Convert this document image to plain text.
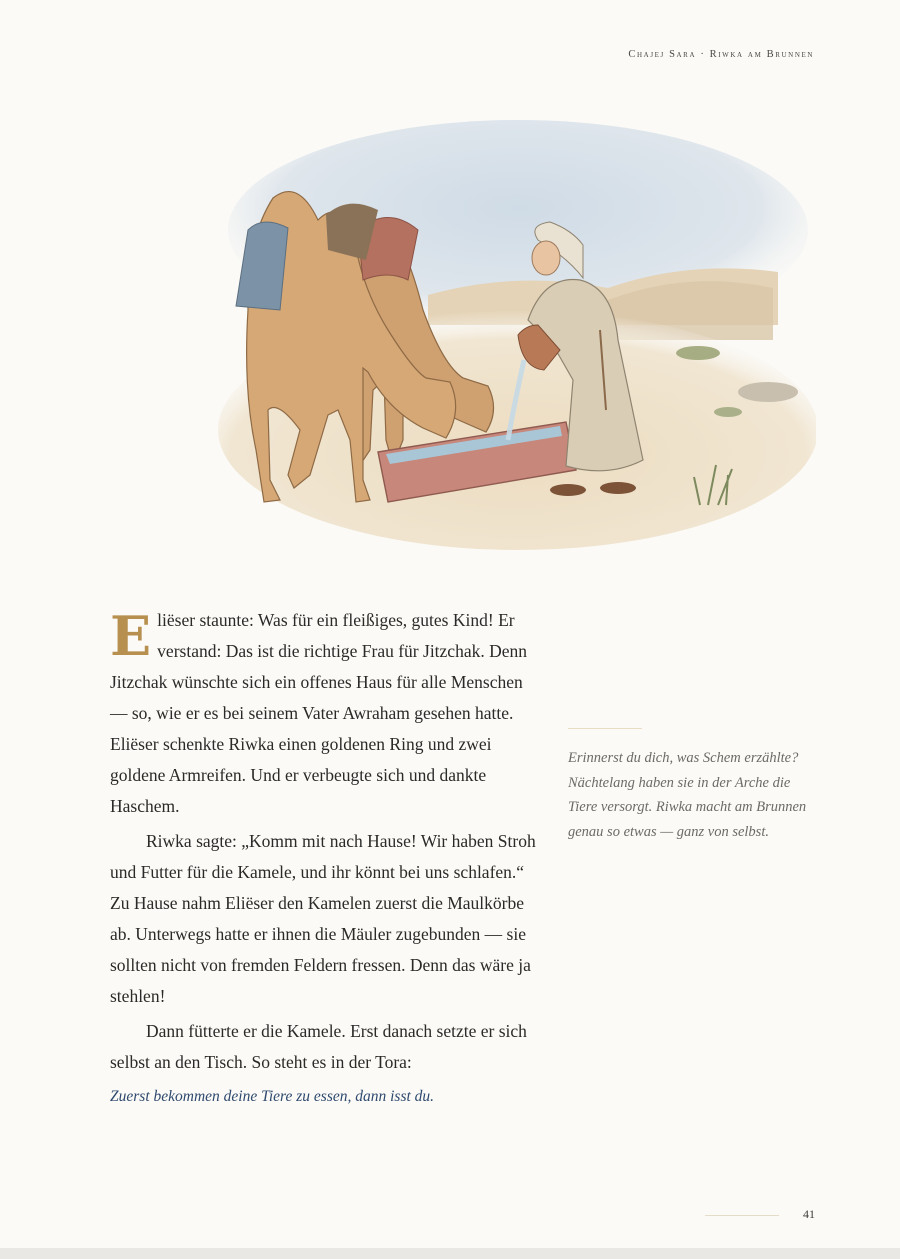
Chajej Sara · Riwka am Brunnen

Eliëser staunte: Was für ein fleißiges, gutes Kind! Er verstand: Das ist die richtige Frau für Jitzchak. Denn Jitzchak wünschte sich ein offenes Haus für alle Menschen — so, wie er es bei seinem Vater Awraham gesehen hatte. Eliëser schenkte Riwka einen goldenen Ring und zwei goldene Armreifen. Und er verbeugte sich und dankte Haschem.

Riwka sagte: „Komm mit nach Hause! Wir haben Stroh und Futter für die Kamele, und ihr könnt bei uns schlafen.“ Zu Hause nahm Eliëser den Kamelen zuerst die Maulkörbe ab. Unterwegs hatte er ihnen die Mäuler zugebunden — sie sollten nicht von fremden Feldern fressen. Denn das wäre ja stehlen!

Dann fütterte er die Kamele. Erst danach setzte er sich selbst an den Tisch. So steht es in der Tora:

Zuerst bekommen deine Tiere zu essen, dann isst du.
Erinnerst du dich, was Schem erzählte? Nächtelang haben sie in der Arche die Tiere versorgt. Riwka macht am Brunnen genau so etwas — ganz von selbst.
41
